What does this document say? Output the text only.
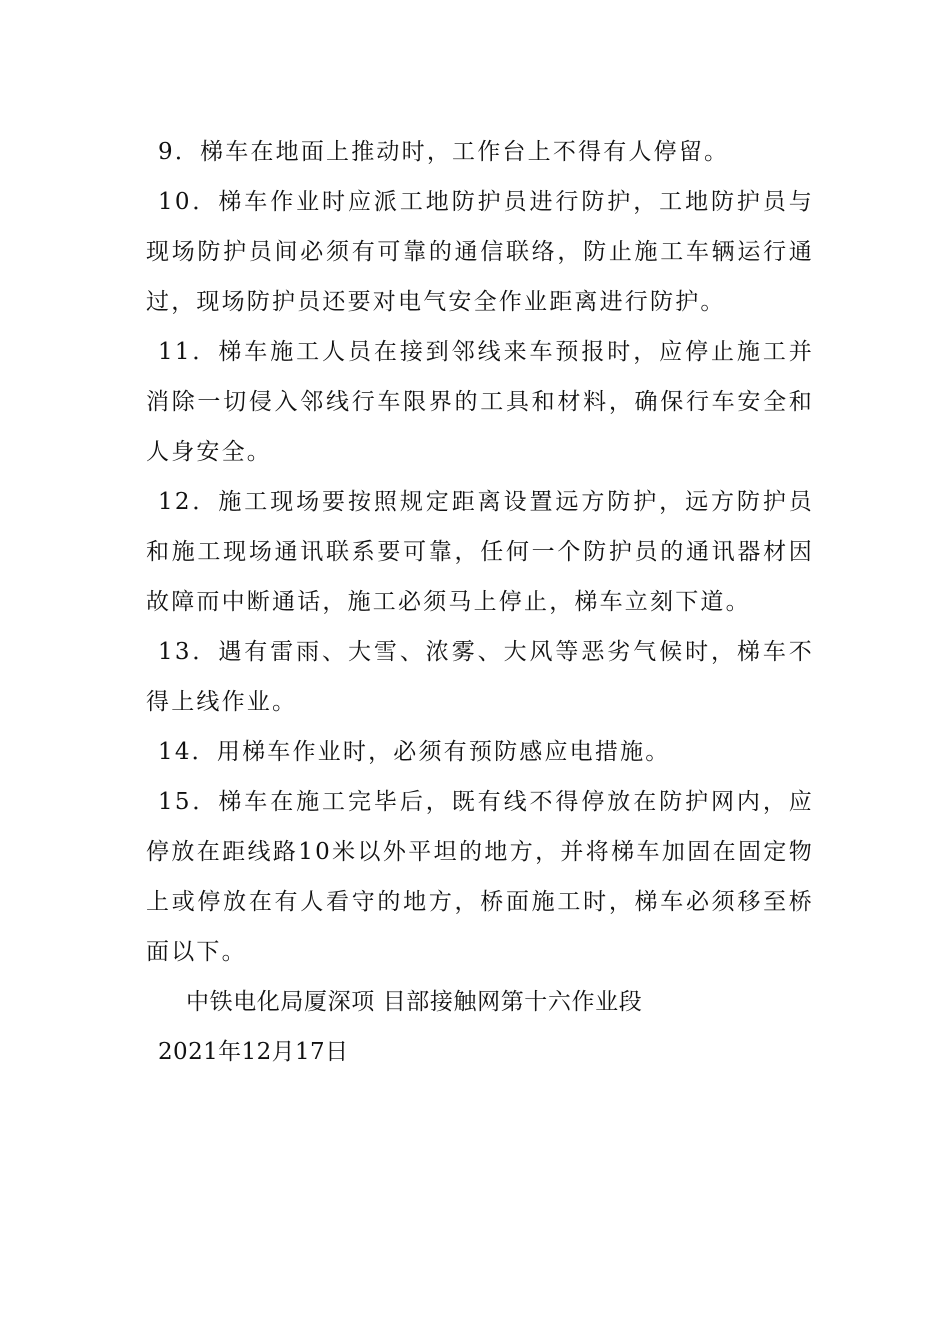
9．梯车在地面上推动时，工作台上不得有人停留。

10．梯车作业时应派工地防护员进行防护，工地防护员与现场防护员间必须有可靠的通信联络，防止施工车辆运行通过，现场防护员还要对电气安全作业距离进行防护。

11．梯车施工人员在接到邻线来车预报时，应停止施工并消除一切侵入邻线行车限界的工具和材料，确保行车安全和人身安全。

12．施工现场要按照规定距离设置远方防护，远方防护员和施工现场通讯联系要可靠，任何一个防护员的通讯器材因故障而中断通话，施工必须马上停止，梯车立刻下道。

13．遇有雷雨、大雪、浓雾、大风等恶劣气候时，梯车不得上线作业。

14．用梯车作业时，必须有预防感应电措施。

15．梯车在施工完毕后，既有线不得停放在防护网内，应停放在距线路10米以外平坦的地方，并将梯车加固在固定物上或停放在有人看守的地方，桥面施工时，梯车必须移至桥面以下。

中铁电化局厦深项 目部接触网第十六作业段

2021年12月17日
